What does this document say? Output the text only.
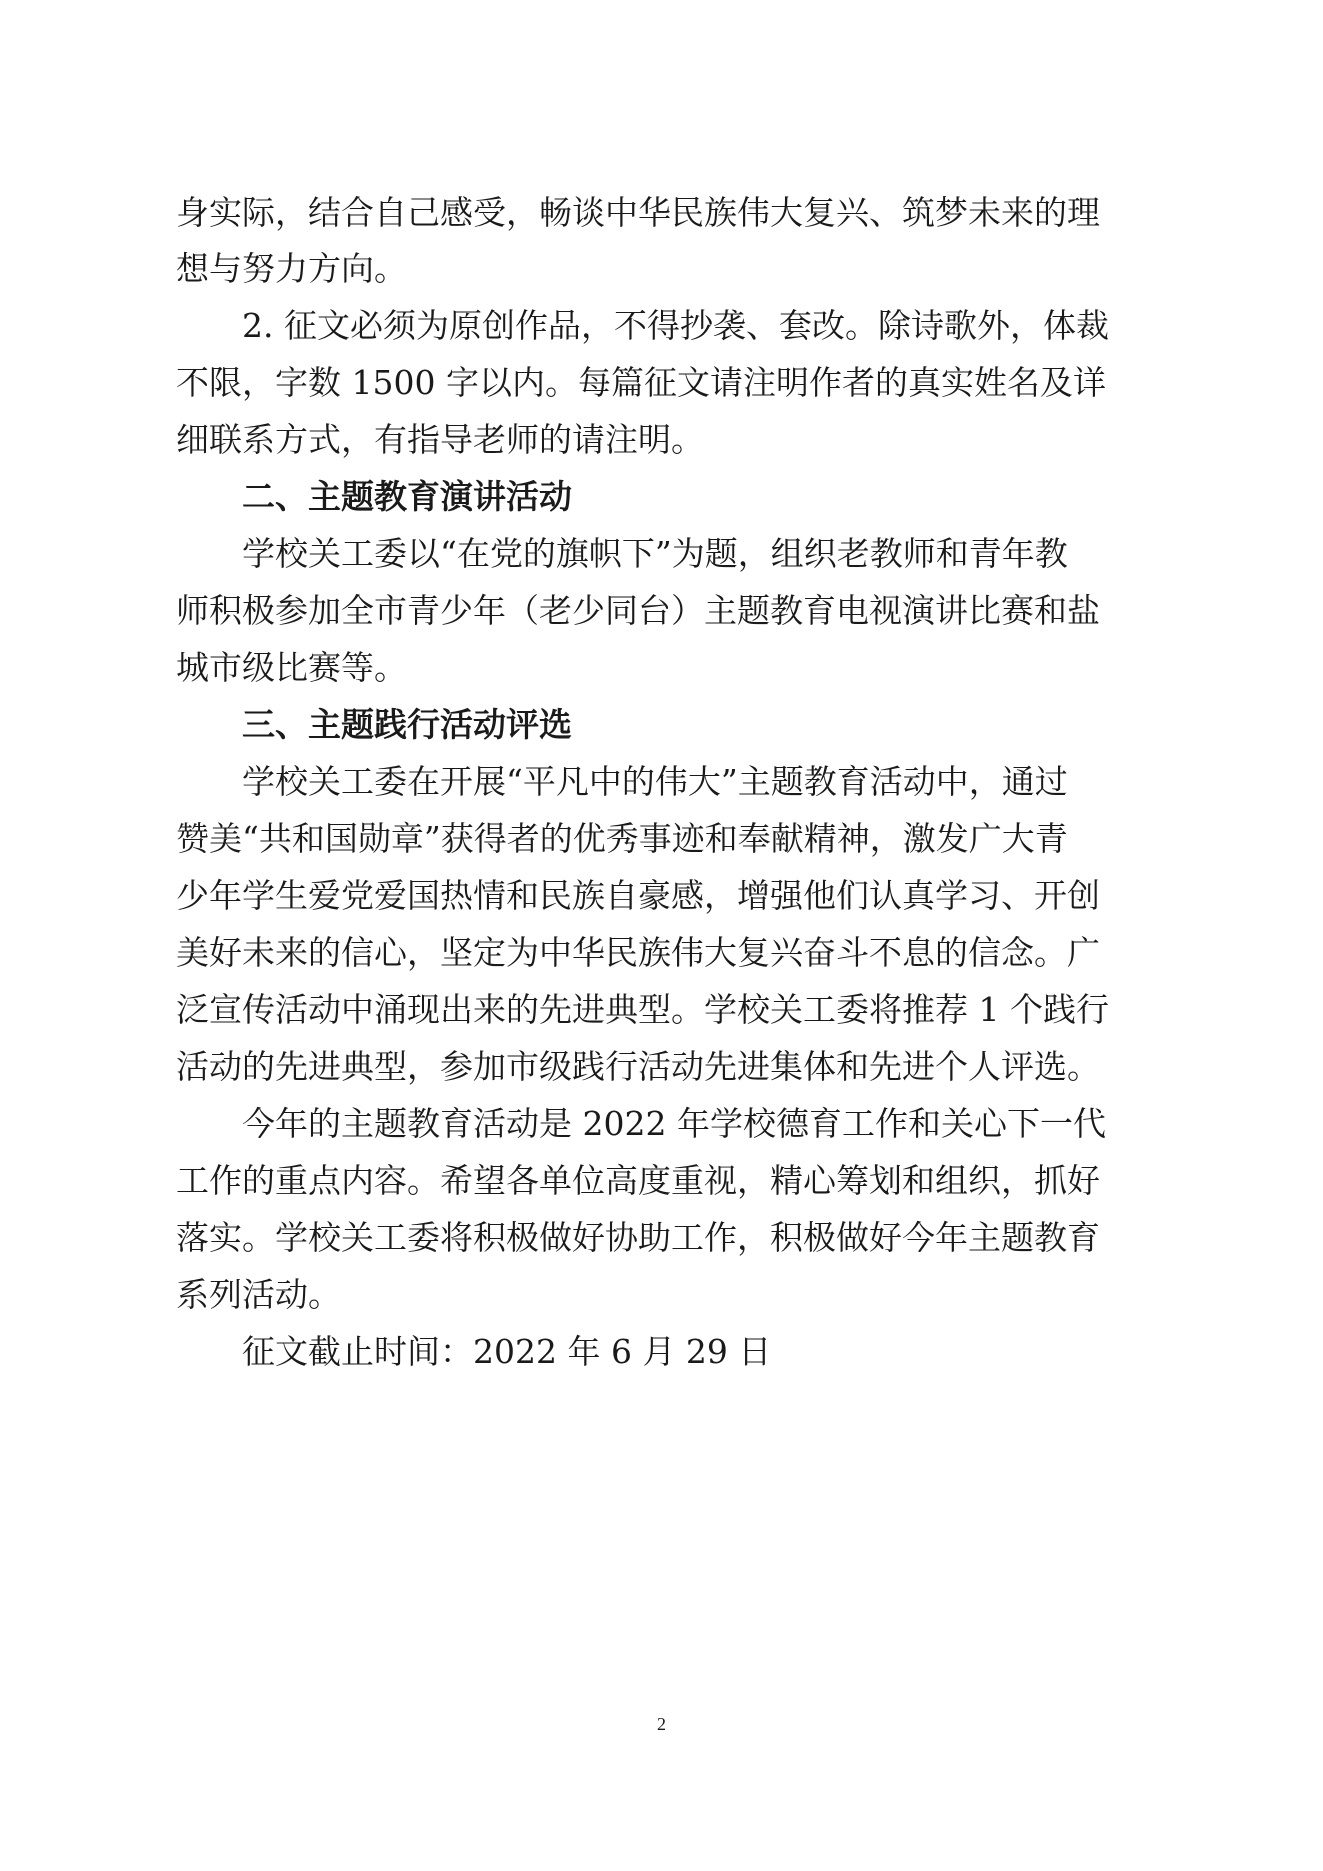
身实际，结合自己感受，畅谈中华民族伟大复兴、筑梦未来的理
想与努力方向。
2. 征文必须为原创作品，不得抄袭、套改。除诗歌外，体裁
不限，字数 1500 字以内。每篇征文请注明作者的真实姓名及详
细联系方式，有指导老师的请注明。
二、主题教育演讲活动
学校关工委以“在党的旗帜下”为题，组织老教师和青年教
师积极参加全市青少年（老少同台）主题教育电视演讲比赛和盐
城市级比赛等。
三、主题践行活动评选
学校关工委在开展“平凡中的伟大”主题教育活动中，通过
赞美“共和国勋章”获得者的优秀事迹和奉献精神，激发广大青
少年学生爱党爱国热情和民族自豪感，增强他们认真学习、开创
美好未来的信心，坚定为中华民族伟大复兴奋斗不息的信念。广
泛宣传活动中涌现出来的先进典型。学校关工委将推荐 1 个践行
活动的先进典型，参加市级践行活动先进集体和先进个人评选。
今年的主题教育活动是 2022 年学校德育工作和关心下一代
工作的重点内容。希望各单位高度重视，精心筹划和组织，抓好
落实。学校关工委将积极做好协助工作，积极做好今年主题教育
系列活动。
征文截止时间：2022 年 6 月 29 日
2
